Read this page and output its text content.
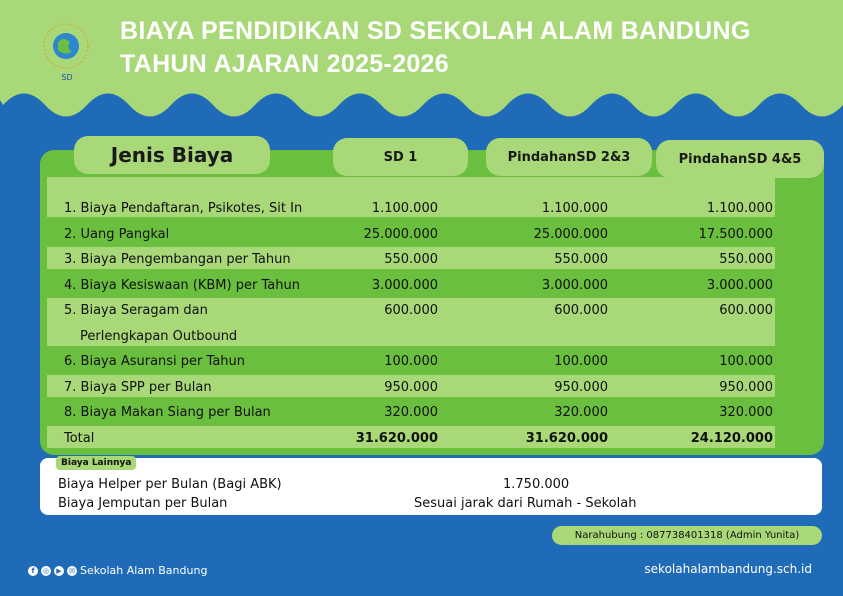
SD
BIAYA PENDIDIKAN SD SEKOLAH ALAM BANDUNG
TAHUN AJARAN 2025-2026
Jenis Biaya	SD 1	PindahanSD 2&3	PindahanSD 4&5
1. Biaya Pendaftaran, Psikotes, Sit In	1.100.000	1.100.000	1.100.000
2. Uang Pangkal	25.000.000	25.000.000	17.500.000
3. Biaya Pengembangan per Tahun	550.000	550.000	550.000
4. Biaya Kesiswaan (KBM) per Tahun	3.000.000	3.000.000	3.000.000
5. Biaya Seragam dan
Perlengkapan Outbound
600.000	600.000	600.000
6. Biaya Asuransi per Tahun	100.000	100.000	100.000
7. Biaya SPP per Bulan	950.000	950.000	950.000
8. Biaya Makan Siang per Bulan	320.000	320.000	320.000
Total	31.620.000	31.620.000	24.120.000
Biaya Lainnya
Biaya Helper per Bulan (Bagi ABK)	1.750.000
Biaya Jemputan per Bulan	Sesuai jarak dari Rumah - Sekolah
Narahubung : 087738401318 (Admin Yunita)
f	◎	▶	✉ Sekolah Alam Bandung	sekolahalambandung.sch.id
